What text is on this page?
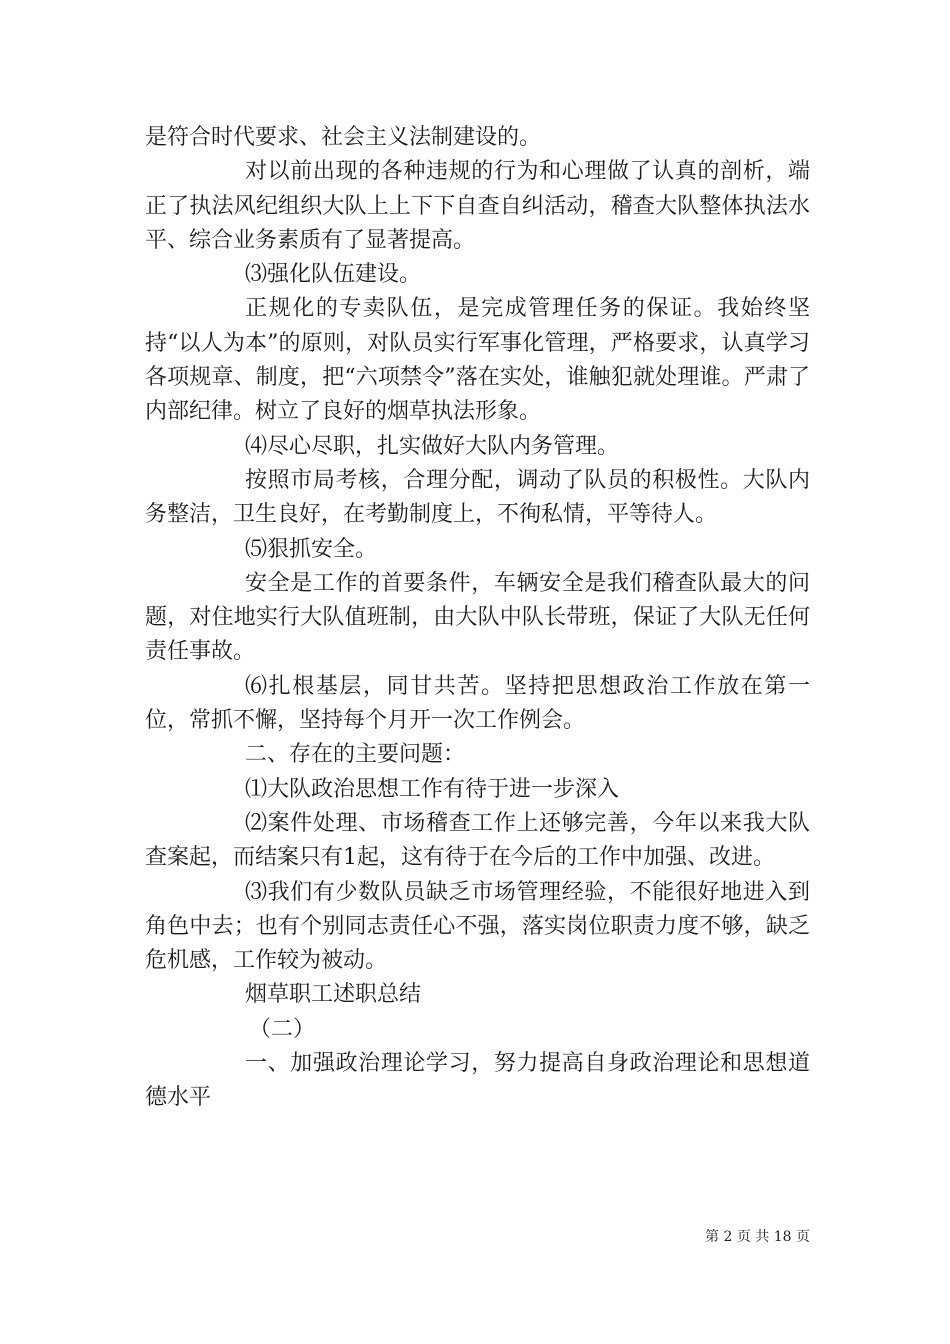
是符合时代要求、社会主义法制建设的。

对以前出现的各种违规的行为和心理做了认真的剖析，端正了执法风纪组织大队上上下下自查自纠活动，稽查大队整体执法水平、综合业务素质有了显著提高。

⑶强化队伍建设。

正规化的专卖队伍，是完成管理任务的保证。我始终坚持“以人为本”的原则，对队员实行军事化管理，严格要求，认真学习各项规章、制度，把“六项禁令”落在实处，谁触犯就处理谁。严肃了内部纪律。树立了良好的烟草执法形象。

⑷尽心尽职，扎实做好大队内务管理。

按照市局考核，合理分配，调动了队员的积极性。大队内务整洁，卫生良好，在考勤制度上，不徇私情，平等待人。

⑸狠抓安全。

安全是工作的首要条件，车辆安全是我们稽查队最大的问题，对住地实行大队值班制，由大队中队长带班，保证了大队无任何责任事故。

⑹扎根基层，同甘共苦。坚持把思想政治工作放在第一位，常抓不懈，坚持每个月开一次工作例会。

二、存在的主要问题：

⑴大队政治思想工作有待于进一步深入

⑵案件处理、市场稽查工作上还够完善，今年以来我大队查案起，而结案只有1起，这有待于在今后的工作中加强、改进。

⑶我们有少数队员缺乏市场管理经验，不能很好地进入到角色中去；也有个别同志责任心不强，落实岗位职责力度不够，缺乏危机感，工作较为被动。

烟草职工述职总结

（二）

一、加强政治理论学习，努力提高自身政治理论和思想道德水平

第 2 页 共 18 页
